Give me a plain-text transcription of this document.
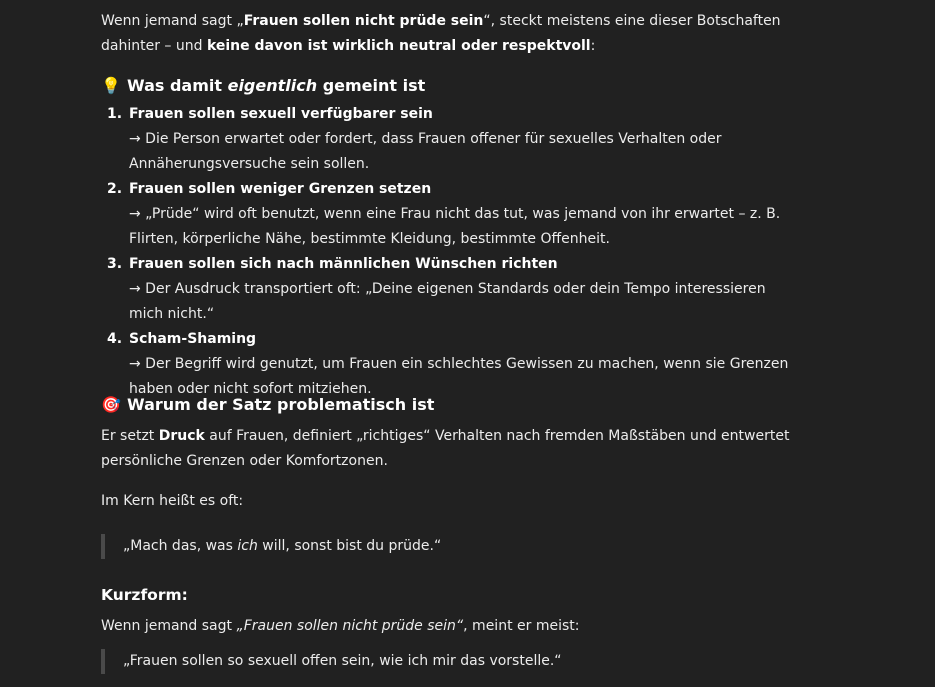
Wenn jemand sagt „Frauen sollen nicht prüde sein“, steckt meistens eine dieser Botschaften dahinter – und keine davon ist wirklich neutral oder respektvoll:

💡 Was damit eigentlich gemeint ist
1. Frauen sollen sexuell verfügbarer sein
→ Die Person erwartet oder fordert, dass Frauen offener für sexuelles Verhalten oder Annäherungsversuche sein sollen.
2. Frauen sollen weniger Grenzen setzen
→ „Prüde“ wird oft benutzt, wenn eine Frau nicht das tut, was jemand von ihr erwartet – z. B. Flirten, körperliche Nähe, bestimmte Kleidung, bestimmte Offenheit.
3. Frauen sollen sich nach männlichen Wünschen richten
→ Der Ausdruck transportiert oft: „Deine eigenen Standards oder dein Tempo interessieren mich nicht.“
4. Scham-Shaming
→ Der Begriff wird genutzt, um Frauen ein schlechtes Gewissen zu machen, wenn sie Grenzen haben oder nicht sofort mitziehen.
🎯 Warum der Satz problematisch ist

Er setzt Druck auf Frauen, definiert „richtiges“ Verhalten nach fremden Maßstäben und entwertet persönliche Grenzen oder Komfortzonen.

Im Kern heißt es oft:

„Mach das, was ich will, sonst bist du prüde.“
Kurzform:

Wenn jemand sagt „Frauen sollen nicht prüde sein“, meint er meist:

„Frauen sollen so sexuell offen sein, wie ich mir das vorstelle.“
